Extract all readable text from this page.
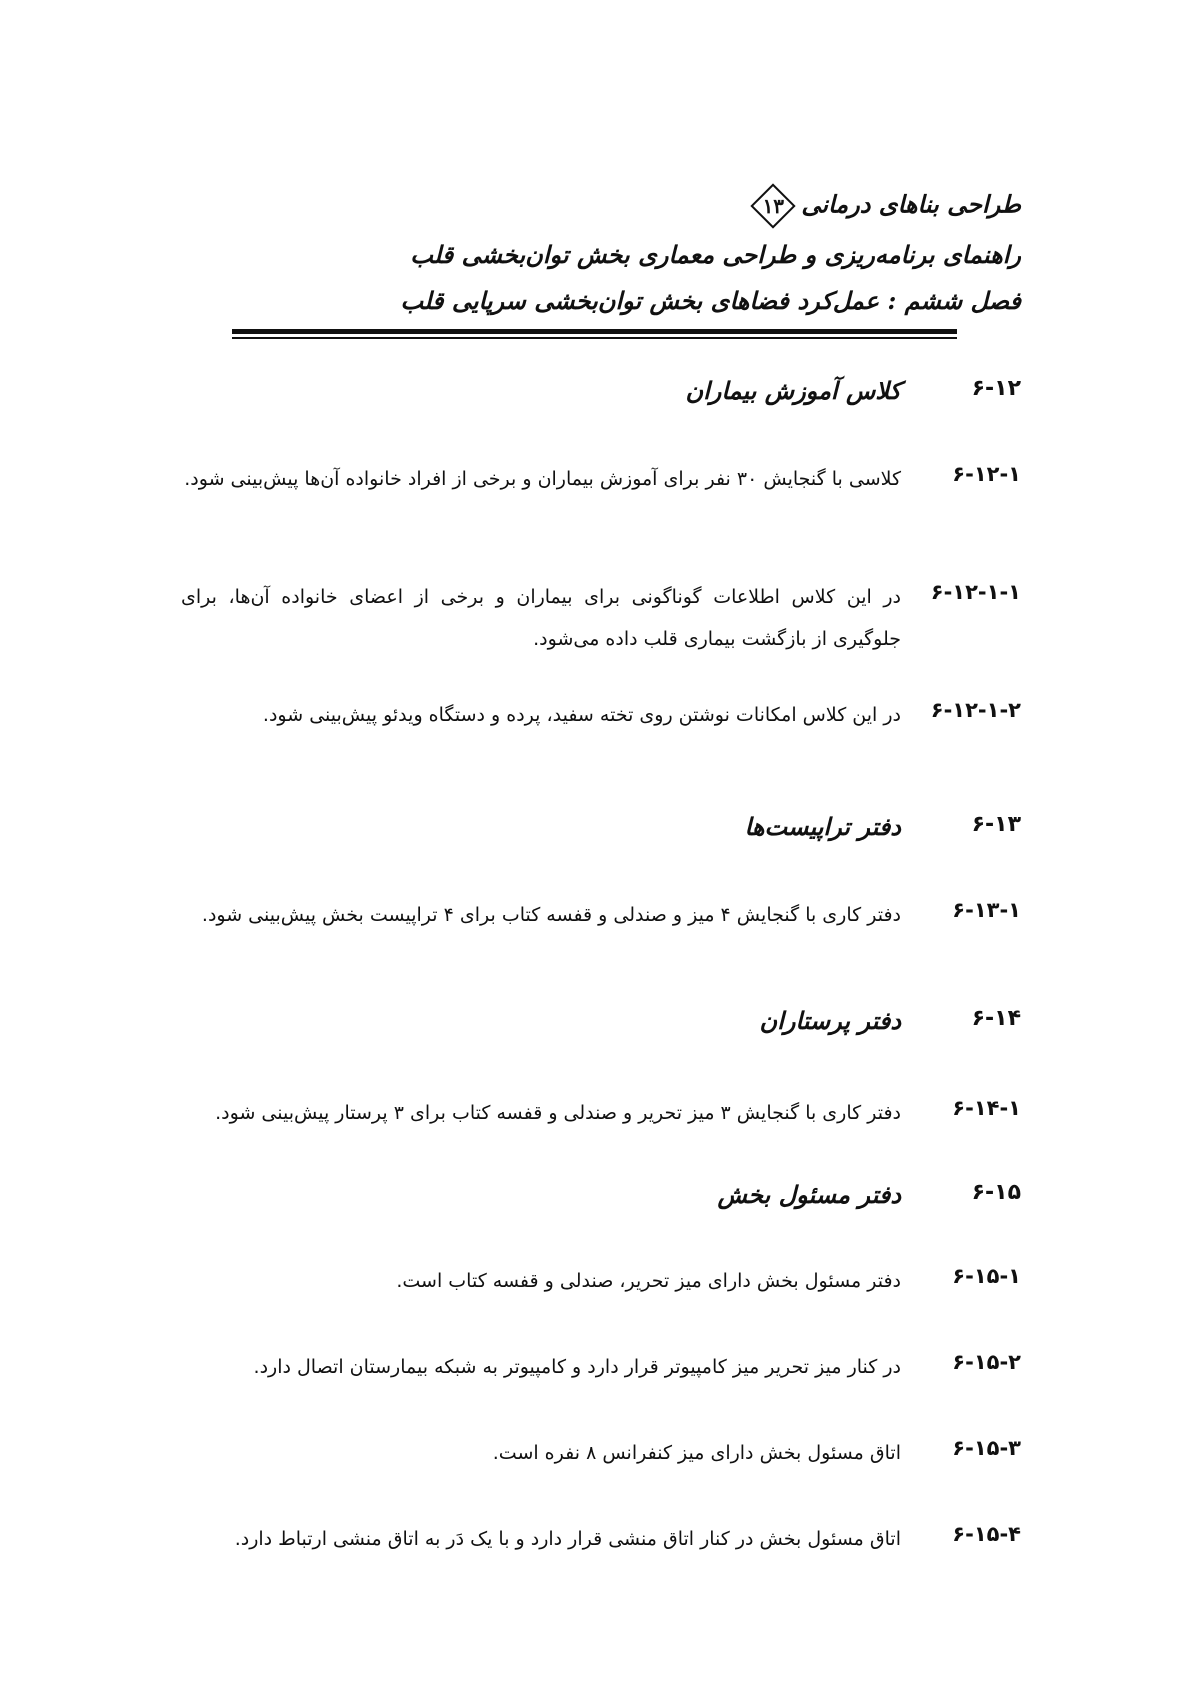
طراحی بناهای درمانی
۱۳
راهنمای برنامه‌ریزی و طراحی معماری بخش توان‌بخشی قلب
فصل ششم : عمل‌کرد فضاهای بخش توان‌بخشی سرپایی قلب
۶-۱۲
کلاس آموزش بیماران
۶-۱۲-۱
کلاسی با گنجایش ۳۰ نفر برای آموزش بیماران و برخی از افراد خانواده آن‌ها پیش‌بینی شود.
۶-۱۲-۱-۱
در این کلاس اطلاعات گوناگونی برای بیماران و برخی از اعضای خانواده آن‌ها، برای جلوگیری از بازگشت بیماری قلب داده می‌شود.
۶-۱۲-۱-۲
در این کلاس امکانات نوشتن روی تخته سفید، پرده و دستگاه ویدئو پیش‌بینی شود.
۶-۱۳
دفتر تراپیست‌ها
۶-۱۳-۱
دفتر کاری با گنجایش ۴ میز و صندلی و قفسه کتاب برای ۴ تراپیست بخش پیش‌بینی شود.
۶-۱۴
دفتر پرستاران
۶-۱۴-۱
دفتر کاری با گنجایش ۳ میز تحریر و صندلی و قفسه کتاب برای ۳ پرستار پیش‌بینی شود.
۶-۱۵
دفتر مسئول بخش
۶-۱۵-۱
دفتر مسئول بخش دارای میز تحریر، صندلی و قفسه کتاب است.
۶-۱۵-۲
در کنار میز تحریر میز کامپیوتر قرار دارد و کامپیوتر به شبکه بیمارستان اتصال دارد.
۶-۱۵-۳
اتاق مسئول بخش دارای میز کنفرانس ۸ نفره است.
۶-۱۵-۴
اتاق مسئول بخش در کنار اتاق منشی قرار دارد و با یک دَر به اتاق منشی ارتباط دارد.
